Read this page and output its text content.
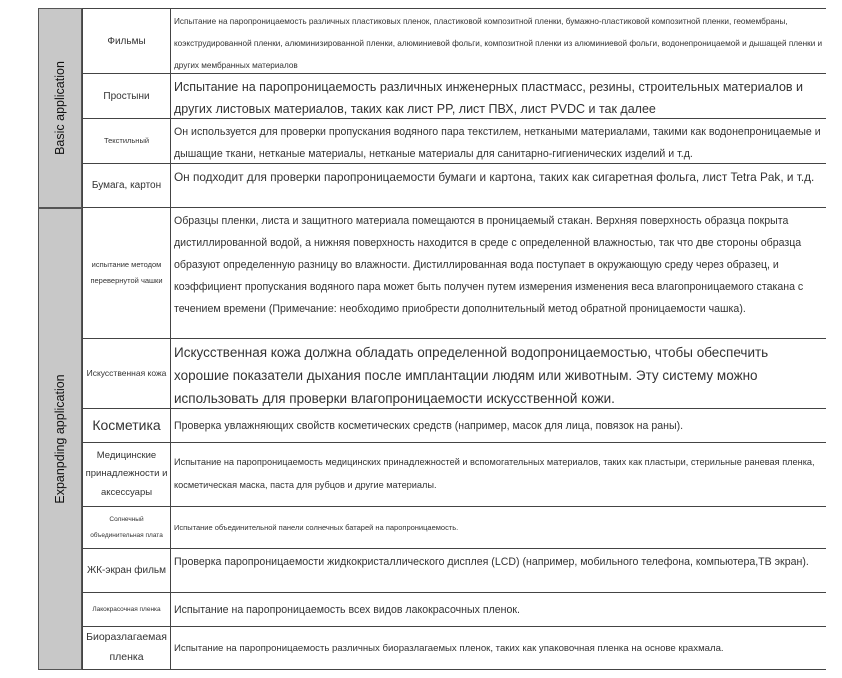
Basic application
Expanpding application
Фильмы
Испытание на паропроницаемость различных пластиковых пленок, пластиковой композитной пленки, бумажно-пластиковой композитной пленки, геомембраны, коэкструдированной пленки, алюминизированной пленки, алюминиевой фольги, композитной пленки из алюминиевой фольги, водонепроницаемой и дышащей пленки и других мембранных материалов
Простыни
Испытание на паропроницаемость различных инженерных пластмасс, резины, строительных материалов и других листовых материалов, таких как лист PP, лист ПВХ, лист PVDC и так далее
Текстильный
Он используется для проверки пропускания водяного пара текстилем, неткаными материалами, такими как водонепроницаемые и дышащие ткани, нетканые материалы, нетканые материалы для санитарно-гигиенических изделий и т.д.
Бумага, картон
Он подходит для проверки паропроницаемости бумаги и картона, таких как сигаретная фольга, лист Tetra Pak, и т.д.
испытание методом перевернутой чашки
Образцы пленки, листа и защитного материала помещаются в проницаемый стакан. Верхняя поверхность образца покрыта дистиллированной водой, а нижняя поверхность находится в среде с определенной влажностью, так что две стороны образца образуют определенную разницу во влажности. Дистиллированная вода поступает в окружающую среду через образец, и коэффициент пропускания водяного пара может быть получен путем измерения изменения веса влагопроницаемого стакана с течением времени (Примечание: необходимо приобрести дополнительный метод обратной проницаемости чашка).
Искусственная кожа
Искусственная кожа должна обладать определенной водопроницаемостью, чтобы обеспечить хорошие показатели дыхания после имплантации людям или животным. Эту систему можно использовать для проверки влагопроницаемости искусственной кожи.
Косметика	Проверка увлажняющих свойств косметических средств (например, масок для лица, повязок на раны).
Медицинские принадлежности и аксессуары
Испытание на паропроницаемость медицинских принадлежностей и вспомогательных материалов, таких как пластыри, стерильные раневая пленка, косметическая маска, паста для рубцов и другие материалы.
Солнечный объединительная плата
Испытание объединительной панели солнечных батарей на паропроницаемость.
ЖК-экран фильм
Проверка паропроницаемости жидкокристаллического дисплея (LCD) (например, мобильного телефона, компьютера,ТВ экран).
Лакокрасочная пленка	Испытание на паропроницаемость всех видов лакокрасочных пленок.
Биоразлагаемая пленка
Испытание на паропроницаемость различных биоразлагаемых пленок, таких как упаковочная пленка на основе крахмала.
